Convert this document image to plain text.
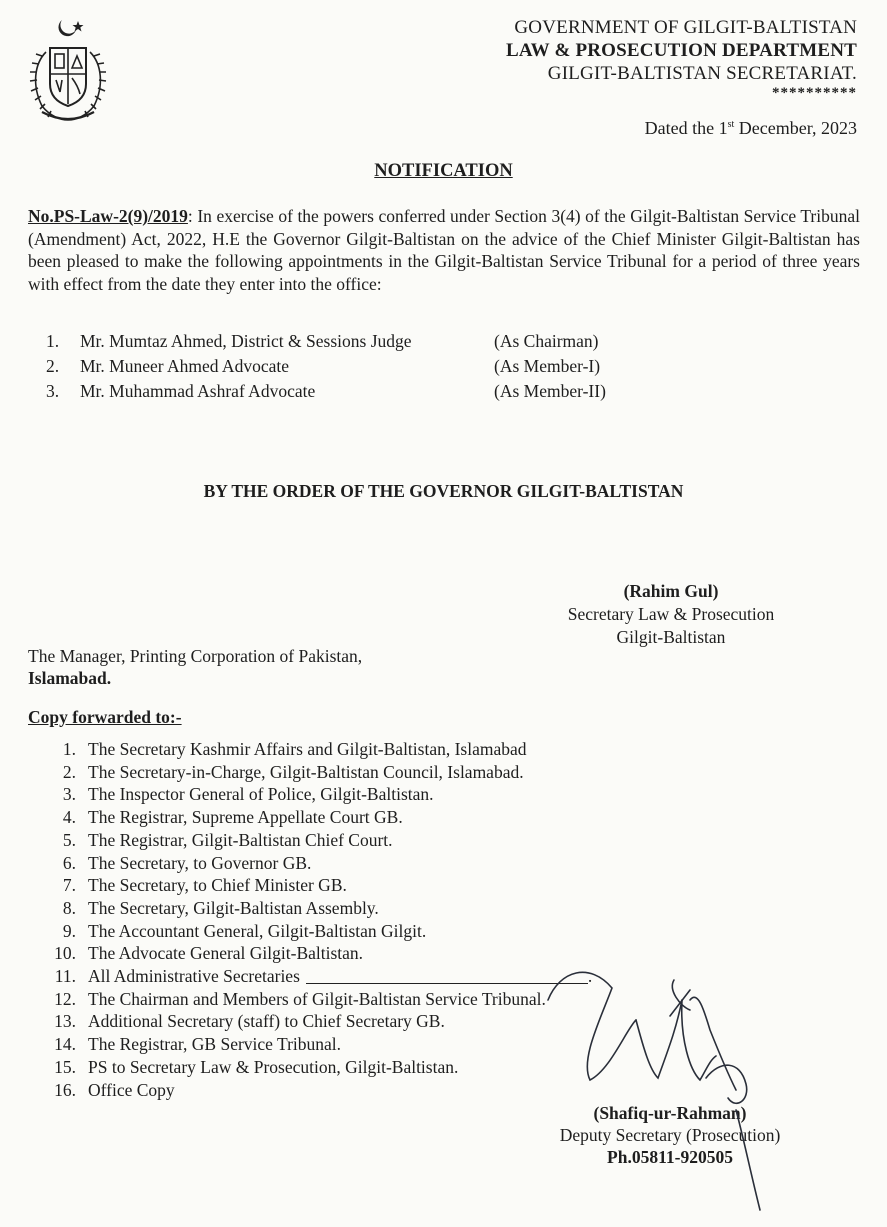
GOVERNMENT OF GILGIT-BALTISTAN
LAW & PROSECUTION DEPARTMENT
GILGIT-BALTISTAN SECRETARIAT.
**********
Dated the 1st December, 2023
NOTIFICATION
No.PS-Law-2(9)/2019: In exercise of the powers conferred under Section 3(4) of the Gilgit-Baltistan Service Tribunal (Amendment) Act, 2022, H.E the Governor Gilgit-Baltistan on the advice of the Chief Minister Gilgit-Baltistan has been pleased to make the following appointments in the Gilgit-Baltistan Service Tribunal for a period of three years with effect from the date they enter into the office:
1.	Mr. Mumtaz Ahmed, District & Sessions Judge	(As Chairman)
2.	Mr. Muneer Ahmed Advocate	(As Member-I)
3.	Mr. Muhammad Ashraf Advocate	(As Member-II)
BY THE ORDER OF THE GOVERNOR GILGIT-BALTISTAN
(Rahim Gul)
Secretary Law & Prosecution
Gilgit-Baltistan
The Manager, Printing Corporation of Pakistan,
Islamabad.
Copy forwarded to:-
1. The Secretary Kashmir Affairs and Gilgit-Baltistan, Islamabad
2. The Secretary-in-Charge, Gilgit-Baltistan Council, Islamabad.
3. The Inspector General of Police, Gilgit-Baltistan.
4. The Registrar, Supreme Appellate Court GB.
5. The Registrar, Gilgit-Baltistan Chief Court.
6. The Secretary, to Governor GB.
7. The Secretary, to Chief Minister GB.
8. The Secretary, Gilgit-Baltistan Assembly.
9. The Accountant General, Gilgit-Baltistan Gilgit.
10. The Advocate General Gilgit-Baltistan.
11. All Administrative Secretaries	.
12. The Chairman and Members of Gilgit-Baltistan Service Tribunal.
13. Additional Secretary (staff) to Chief Secretary GB.
14. The Registrar, GB Service Tribunal.
15. PS to Secretary Law & Prosecution, Gilgit-Baltistan.
16. Office Copy
(Shafiq-ur-Rahman)
Deputy Secretary (Prosecution)
Ph.05811-920505
